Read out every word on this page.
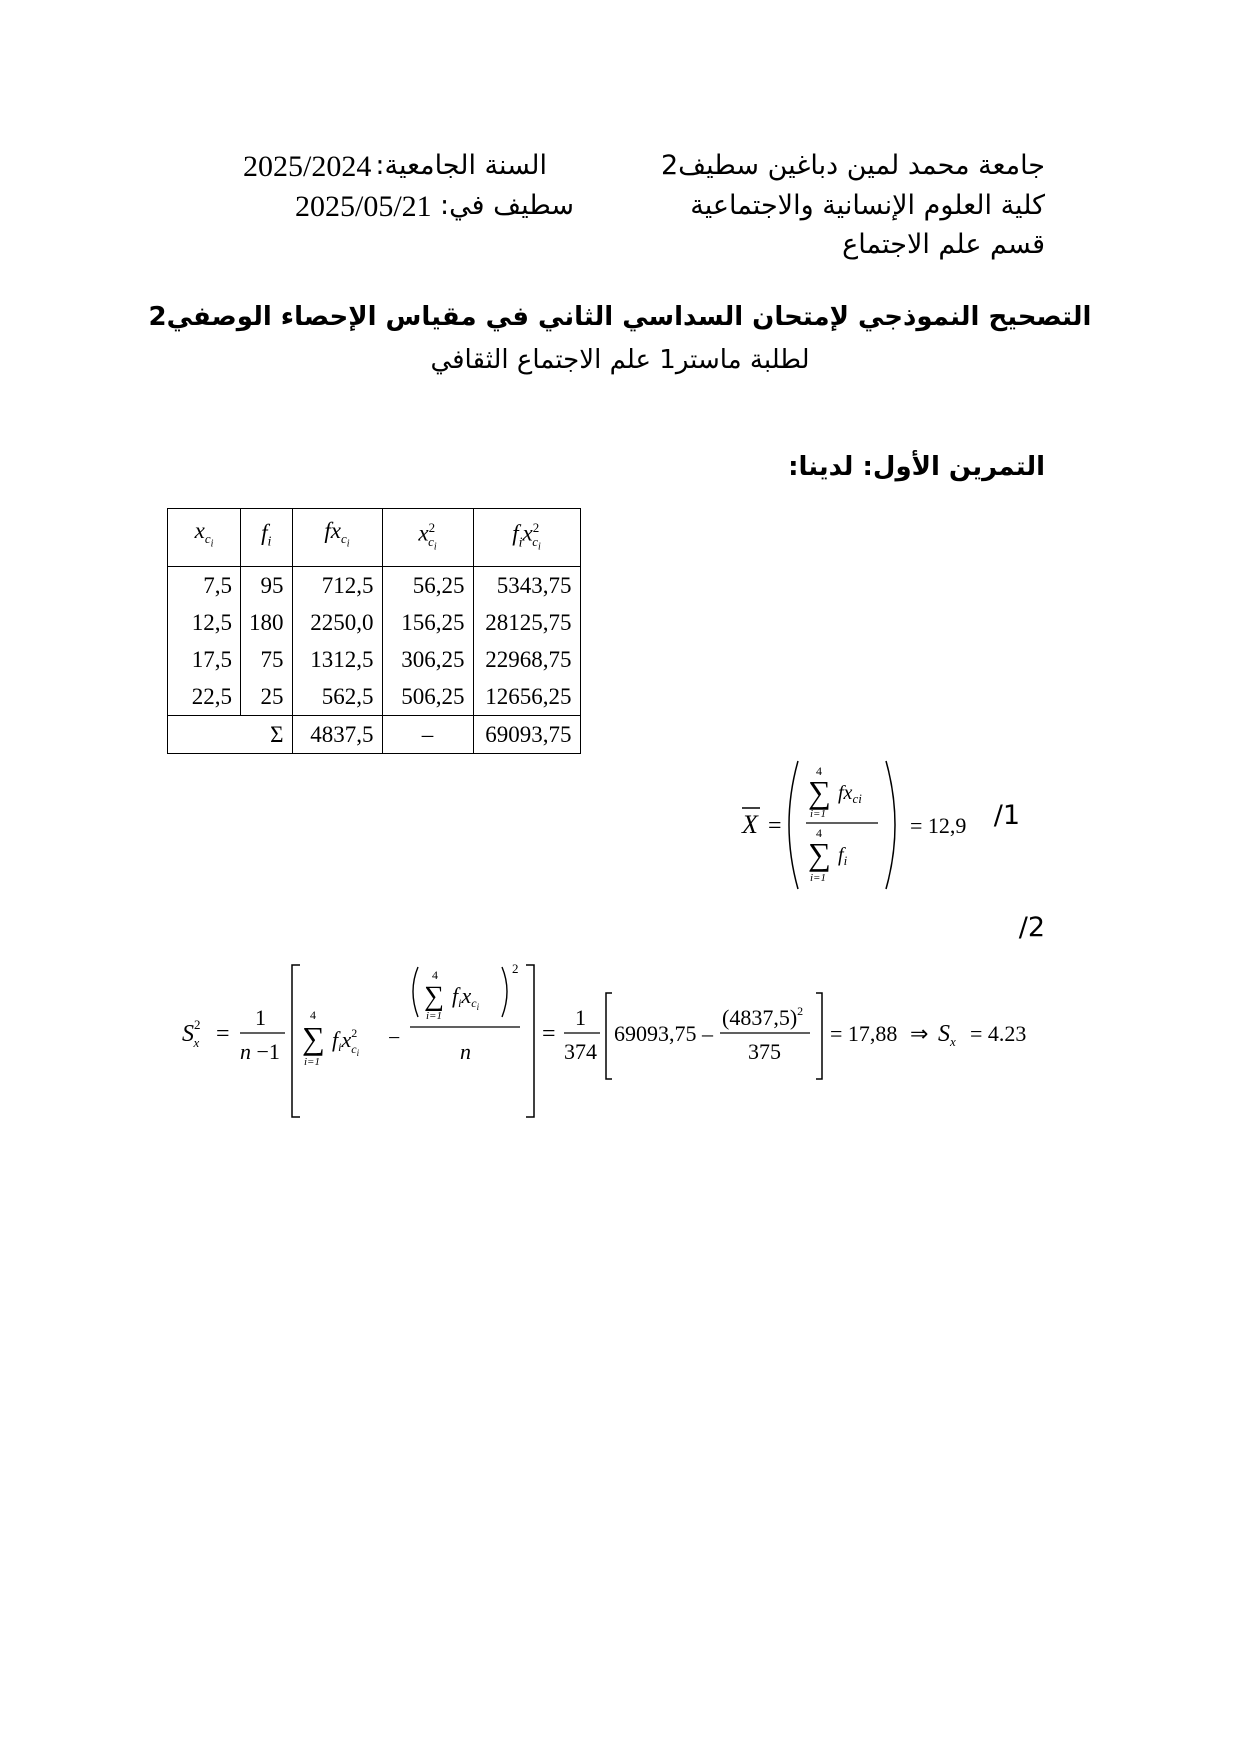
السنة الجامعية:
2025/2024
سطيف في:
2025/05/21
جامعة محمد لمين دباغين سطيف2
كلية العلوم الإنسانية والاجتماعية
قسم علم الاجتماع
التصحيح النموذجي لإمتحان السداسي الثاني في مقياس الإحصاء الوصفي2
لطلبة ماستر1 علم الاجتماع الثقافي
التمرين الأول: لدينا:
$x_{c_i}$	$f_i$	$fx_{c_i}$	$x^2_{c_i}$	$f_ix^2_{c_i}$
7,5	95	712,5	56,25	5343,75
12,5	180	2250,0	156,25	28125,75
17,5	75	1312,5	306,25	22968,75
22,5	25	562,5	506,25	12656,25
Σ		4837,5	–	69093,75
/1
X =
4
∑
i=1
$fx_{ci}$
4
∑
i=1
$f_i$
= 12,9
/2
$S^2$ x =
1
n −1
4
∑
i=1
fix$^2$ ci
−
4
∑
i=1
fixci
2
n
=
1
374
69093,75 –
$(4837,5)^2$
375
= 17,88 ⇒ $S_x = 4.23$
